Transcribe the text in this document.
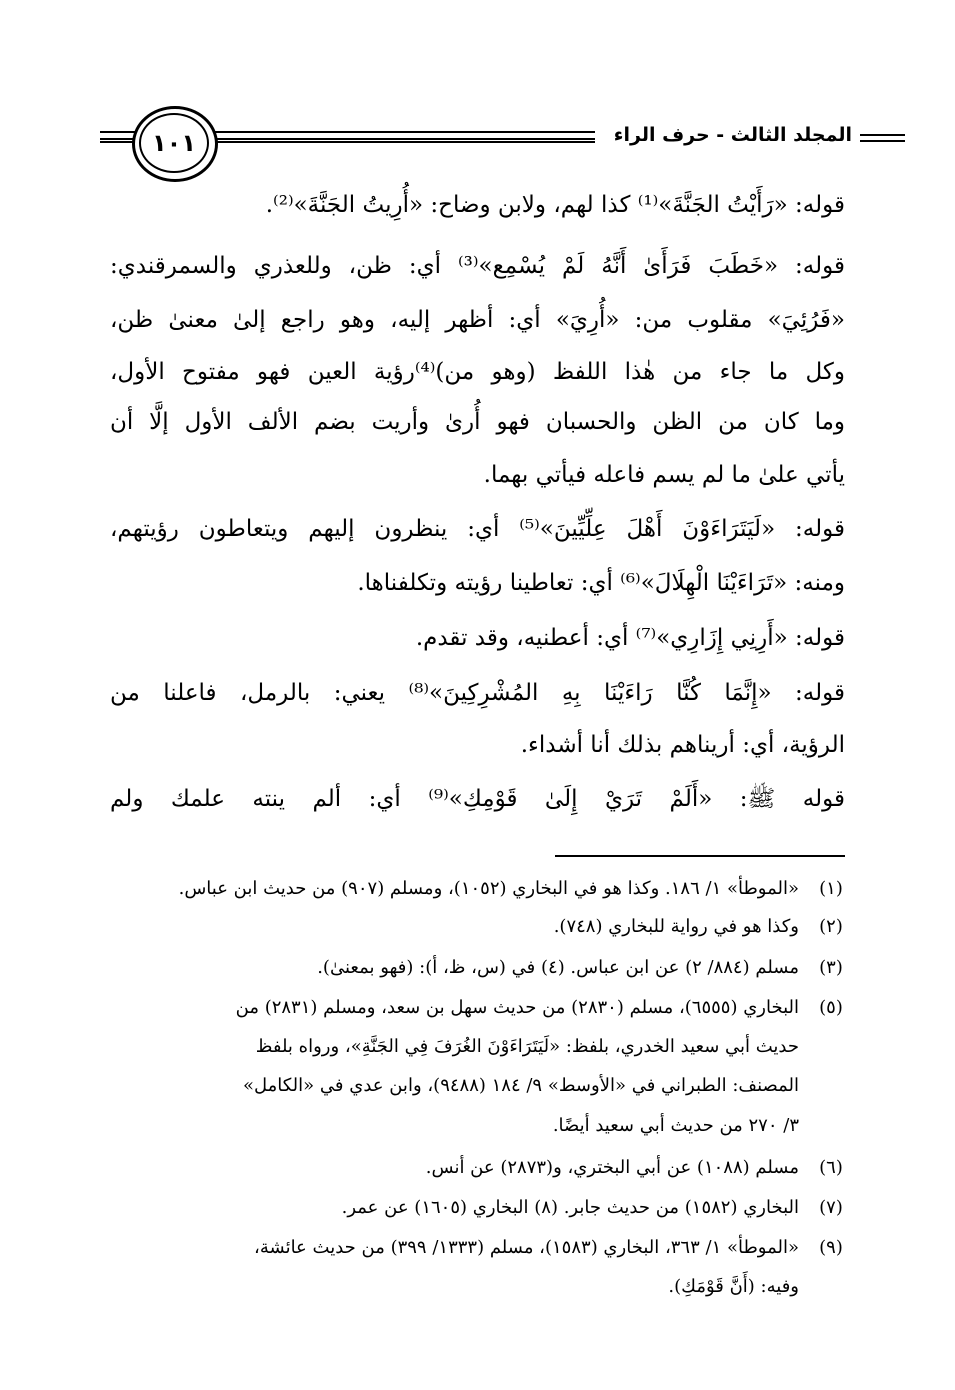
المجلد الثالث - حرف الراء
١٠١
قوله: «رَأَيْتُ الجَنَّةَ»⁽¹⁾ كذا لهم، ولابن وضاح: «أُرِيتُ الجَنَّةَ»⁽²⁾.
قوله: «خَطَبَ فَرَأَىٰ أَنَّهُ لَمْ يُسْمِع»⁽³⁾ أي: ظن، وللعذري والسمرقندي:
«فَرُئِيَ» مقلوب من: «أُرِيَ» أي: أظهر إليه، وهو راجع إلىٰ معنىٰ ظن،
وكل ما جاء من هٰذا اللفظ (وهو من)⁽⁴⁾رؤية العين فهو مفتوح الأول،
وما كان من الظن والحسبان فهو أُرىٰ وأريت بضم الألف الأول إلَّا أن
يأتي علىٰ ما لم يسم فاعله فيأتي بهما.
قوله: «لَيَتَرَاءَوْنَ أَهْلَ عِلِّيِّينَ»⁽⁵⁾ أي: ينظرون إليهم ويتعاطون رؤيتهم،
ومنه: «تَرَاءَيْنَا الْهِلَالَ»⁽⁶⁾ أي: تعاطينا رؤيته وتكلفناها.
قوله: «أَرِنِي إِزَارِي»⁽⁷⁾ أي: أعطنيه، وقد تقدم.
قوله: «إِنَّمَا كُنَّا رَاءَيْنَا بِهِ المُشْرِكِينَ»⁽⁸⁾ يعني: بالرمل، فاعلنا من
الرؤية، أي: أريناهم بذلك أنا أشداء.
قوله ﷺ: «أَلَمْ تَرَيْ إِلَىٰ قَوْمِكِ»⁽⁹⁾ أي: ألم ينته علمك ولم
(١)
«الموطأ» ١/ ١٨٦. وكذا هو في البخاري (١٠٥٢)، ومسلم (٩٠٧) من حديث ابن عباس.
(٢)
وكذا هو في رواية للبخاري (٧٤٨).
(٣)
مسلم (٨٨٤/ ٢) عن ابن عباس. (٤) في (س، ظ، أ): (فهو بمعنىٰ).
(٥)
البخاري (٦٥٥٥)، مسلم (٢٨٣٠) من حديث سهل بن سعد، ومسلم (٢٨٣١) من
حديث أبي سعيد الخدري، بلفظ: «لَيَتَرَاءَوْنَ الغُرَفَ فِي الجَنَّةِ»، ورواه بلفظ
المصنف: الطبراني في «الأوسط» ٩/ ١٨٤ (٩٤٨٨)، وابن عدي في «الكامل»
٣/ ٢٧٠ من حديث أبي سعيد أيضًا.
(٦)
مسلم (١٠٨٨) عن أبي البختري، و(٢٨٧٣) عن أنس.
(٧)
البخاري (١٥٨٢) من حديث جابر. (٨) البخاري (١٦٠٥) عن عمر.
(٩)
«الموطأ» ١/ ٣٦٣، البخاري (١٥٨٣)، مسلم (١٣٣٣/ ٣٩٩) من حديث عائشة،
وفيه: (أَنَّ قَوْمَكِ).
